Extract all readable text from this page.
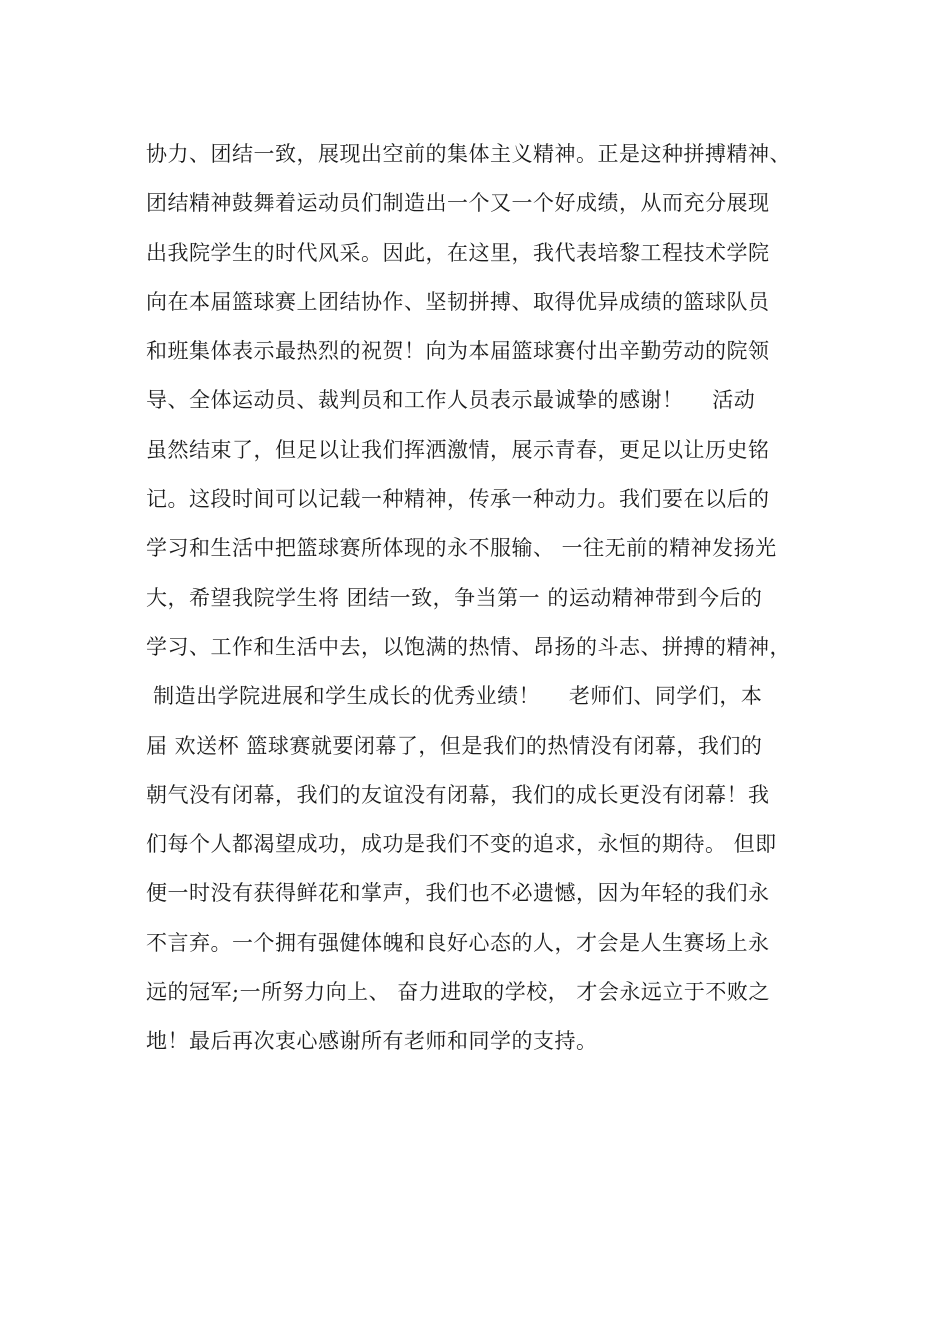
协力、团结一致，展现出空前的集体主义精神。正是这种拼搏精神、
团结精神鼓舞着运动员们制造出一个又一个好成绩，从而充分展现
出我院学生的时代风采。因此，在这里，我代表培黎工程技术学院
向在本届篮球赛上团结协作、坚韧拼搏、取得优异成绩的篮球队员
和班集体表示最热烈的祝贺！向为本届篮球赛付出辛勤劳动的院领
导、全体运动员、裁判员和工作人员表示最诚挚的感谢！    活动
虽然结束了，但足以让我们挥洒激情，展示青春，更足以让历史铭
记。这段时间可以记载一种精神，传承一种动力。我们要在以后的
学习和生活中把篮球赛所体现的永不服输、 一往无前的精神发扬光
大，希望我院学生将 团结一致，争当第一 的运动精神带到今后的
学习、工作和生活中去，以饱满的热情、昂扬的斗志、拼搏的精神，
制造出学院进展和学生成长的优秀业绩！    老师们、同学们，本
届 欢送杯 篮球赛就要闭幕了，但是我们的热情没有闭幕，我们的
朝气没有闭幕，我们的友谊没有闭幕，我们的成长更没有闭幕！我
们每个人都渴望成功，成功是我们不变的追求，永恒的期待。 但即
便一时没有获得鲜花和掌声，我们也不必遗憾，因为年轻的我们永
不言弃。一个拥有强健体魄和良好心态的人，才会是人生赛场上永
远的冠军;一所努力向上、 奋力进取的学校， 才会永远立于不败之
地！最后再次衷心感谢所有老师和同学的支持。
